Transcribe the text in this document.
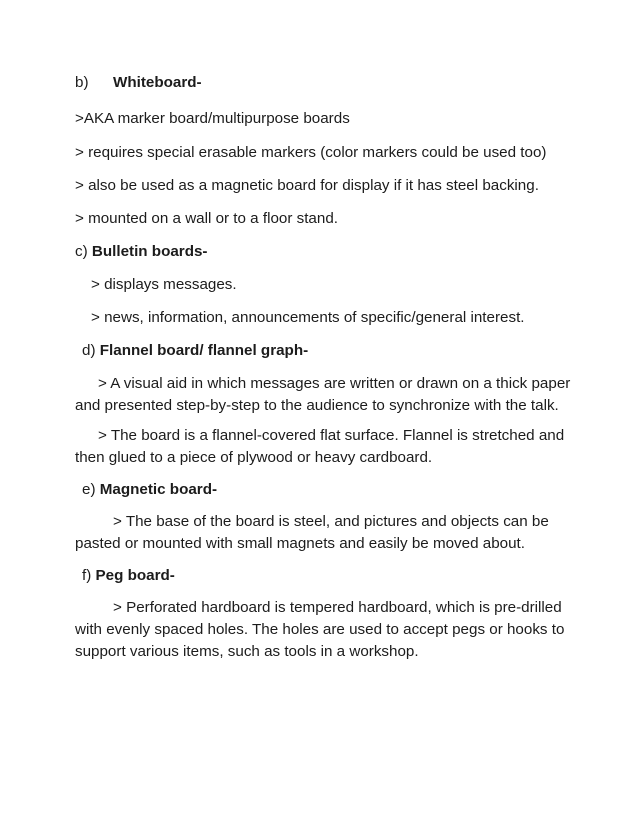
b) Whiteboard-
>AKA marker board/multipurpose boards
> requires special erasable markers (color markers could be used too)
> also be used as a magnetic board for display if it has steel backing.
> mounted on a wall or to a floor stand.
c) Bulletin boards-
> displays messages.
> news, information, announcements of specific/general interest.
d) Flannel board/ flannel graph-
> A visual aid in which messages are written or drawn on a thick paper
and presented step-by-step to the audience to synchronize with the talk.
> The board is a flannel-covered flat surface. Flannel is stretched and
then glued to a piece of plywood or heavy cardboard.
e) Magnetic board-
> The base of the board is steel, and pictures and objects can be
pasted or mounted with small magnets and easily be moved about.
f) Peg board-
> Perforated hardboard is tempered hardboard, which is pre-drilled
with evenly spaced holes. The holes are used to accept pegs or hooks to
support various items, such as tools in a workshop.
